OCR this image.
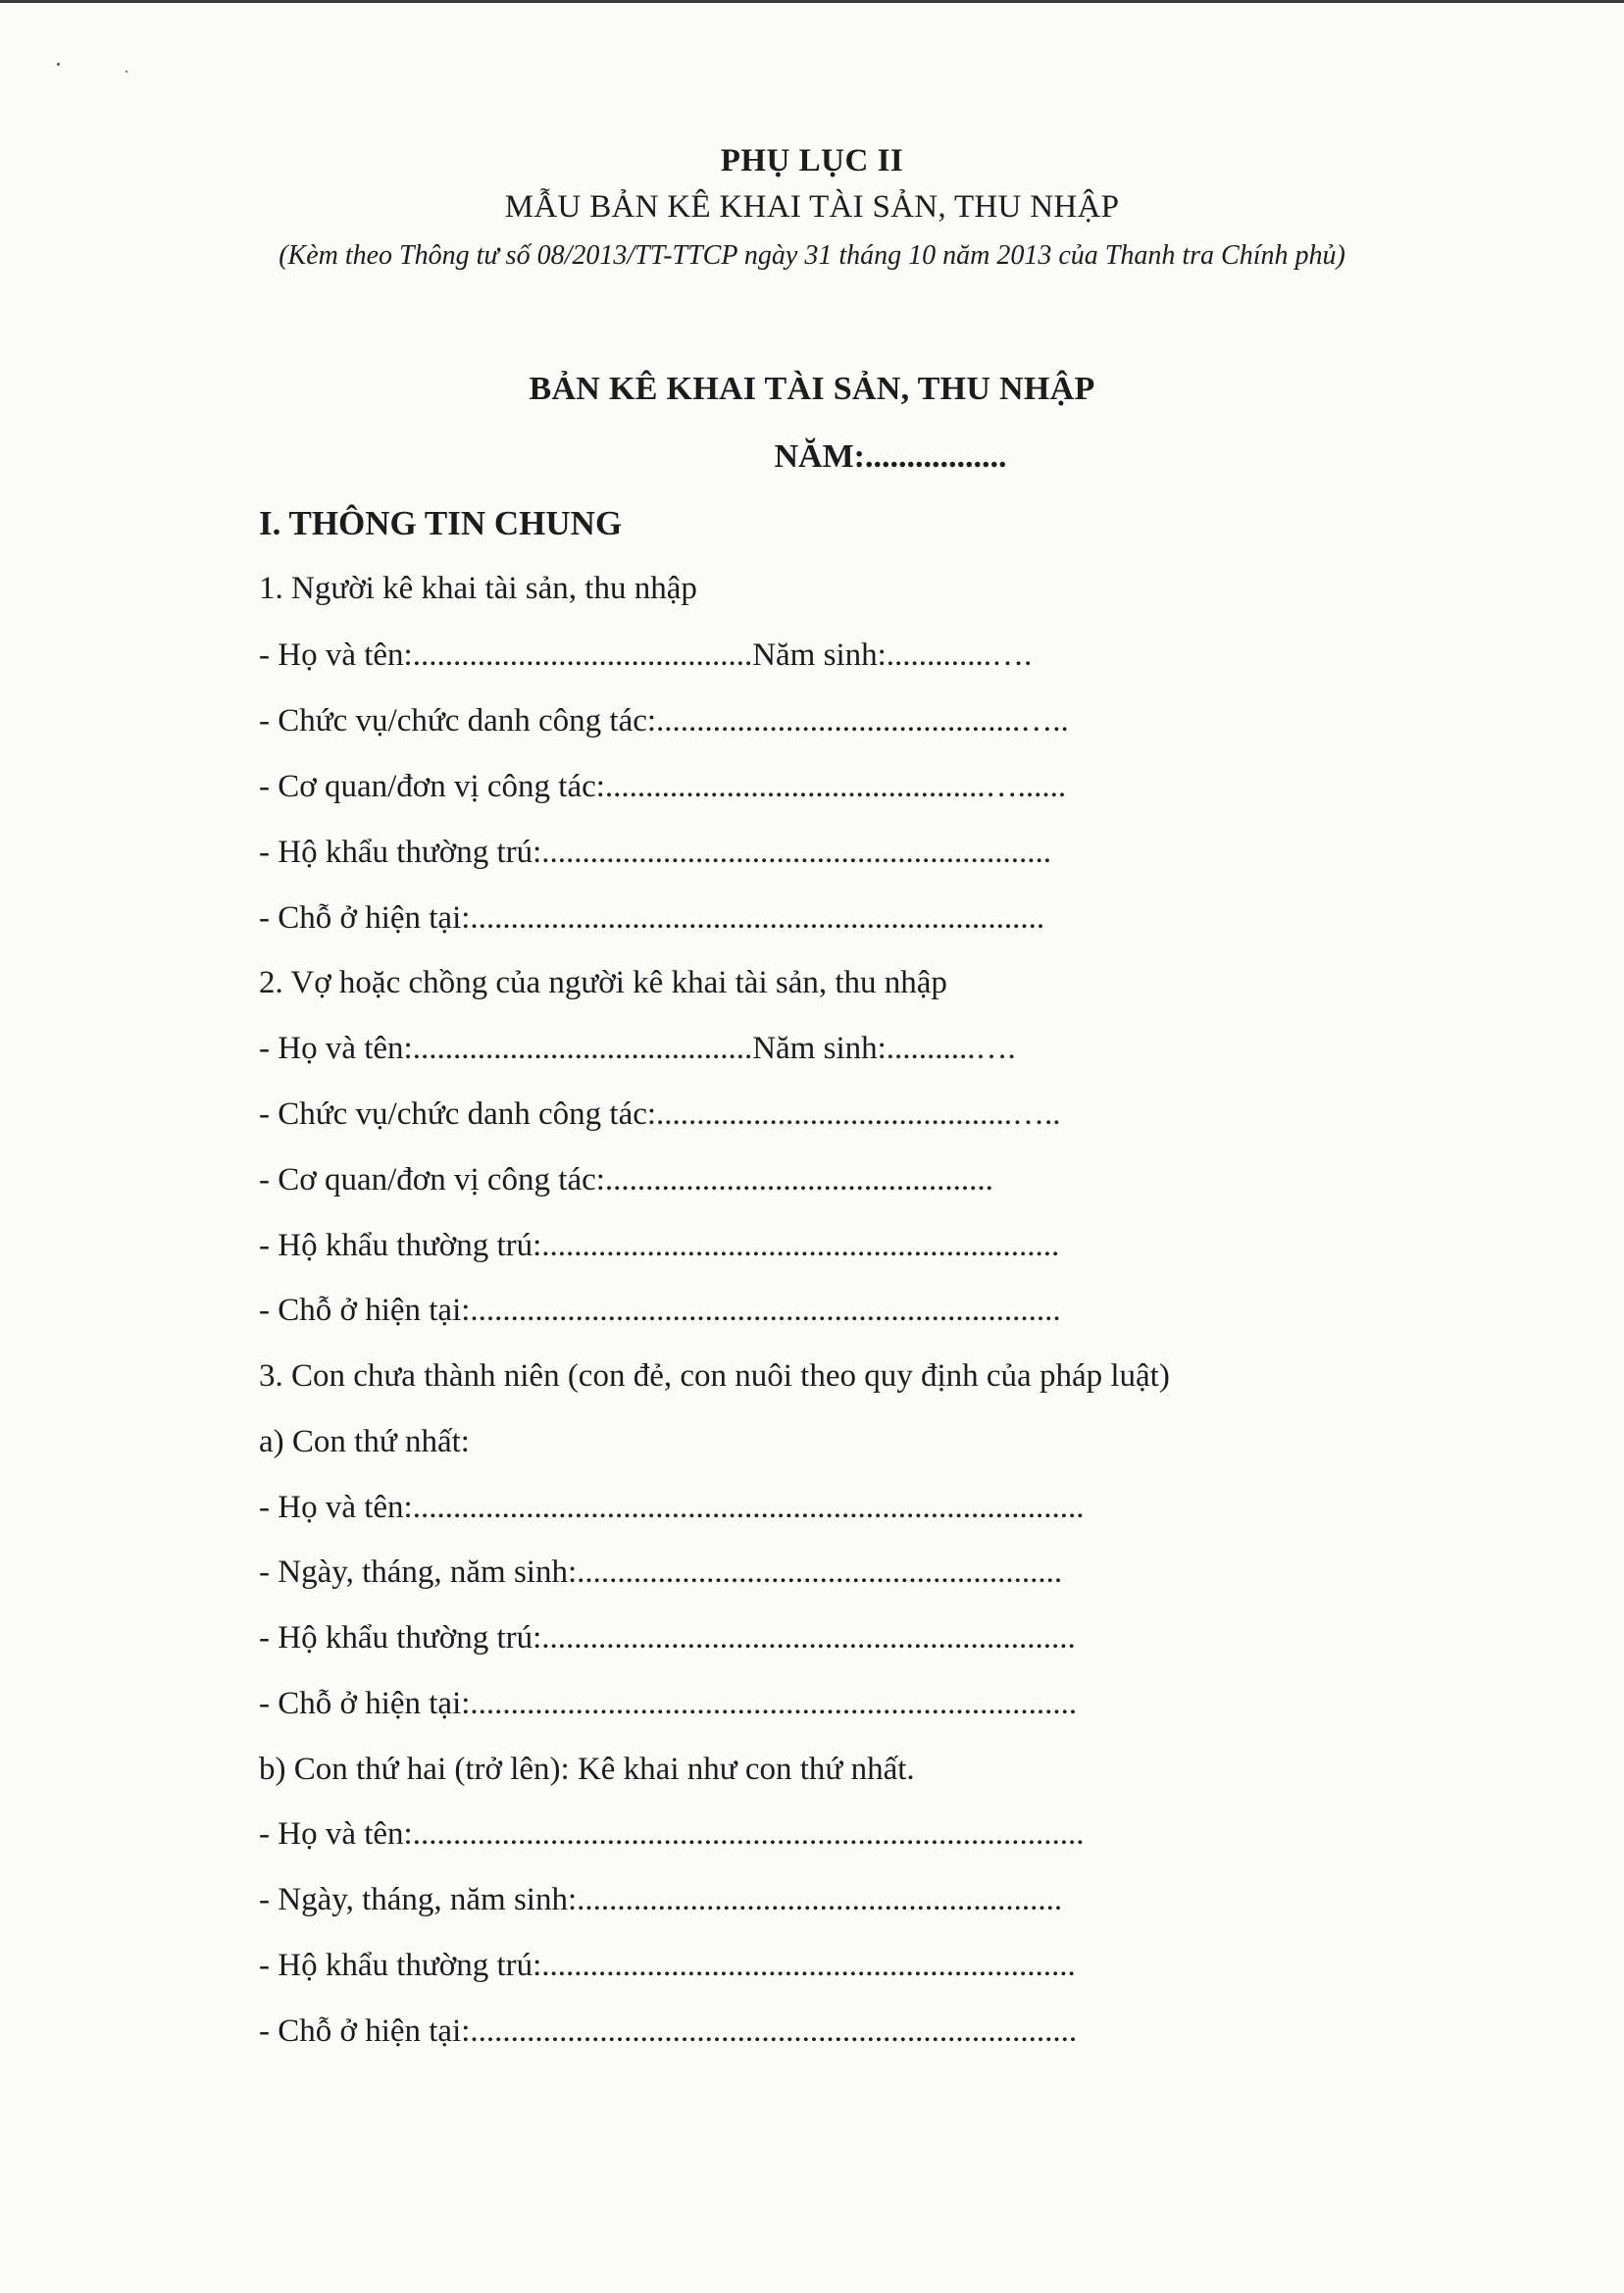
PHỤ LỤC II
MẪU BẢN KÊ KHAI TÀI SẢN, THU NHẬP
(Kèm theo Thông tư số 08/2013/TT-TTCP ngày 31 tháng 10 năm 2013 của Thanh tra Chính phủ)
BẢN KÊ KHAI TÀI SẢN, THU NHẬP
NĂM:.................
I. THÔNG TIN CHUNG
1. Người kê khai tài sản, thu nhập
- Họ và tên:..........................................Năm sinh:.............….
- Chức vụ/chức danh công tác:.............................................…..
- Cơ quan/đơn vị công tác:...............................................…......
- Hộ khẩu thường trú:...............................................................
- Chỗ ở hiện tại:.......................................................................
2. Vợ hoặc chồng của người kê khai tài sản, thu nhập
- Họ và tên:..........................................Năm sinh:...........….
- Chức vụ/chức danh công tác:............................................…..
- Cơ quan/đơn vị công tác:................................................
- Hộ khẩu thường trú:................................................................
- Chỗ ở hiện tại:.........................................................................
3. Con chưa thành niên (con đẻ, con nuôi theo quy định của pháp luật)
a) Con thứ nhất:
- Họ và tên:...................................................................................
- Ngày, tháng, năm sinh:............................................................
- Hộ khẩu thường trú:..................................................................
- Chỗ ở hiện tại:...........................................................................
b) Con thứ hai (trở lên): Kê khai như con thứ nhất.
- Họ và tên:...................................................................................
- Ngày, tháng, năm sinh:............................................................
- Hộ khẩu thường trú:..................................................................
- Chỗ ở hiện tại:...........................................................................
